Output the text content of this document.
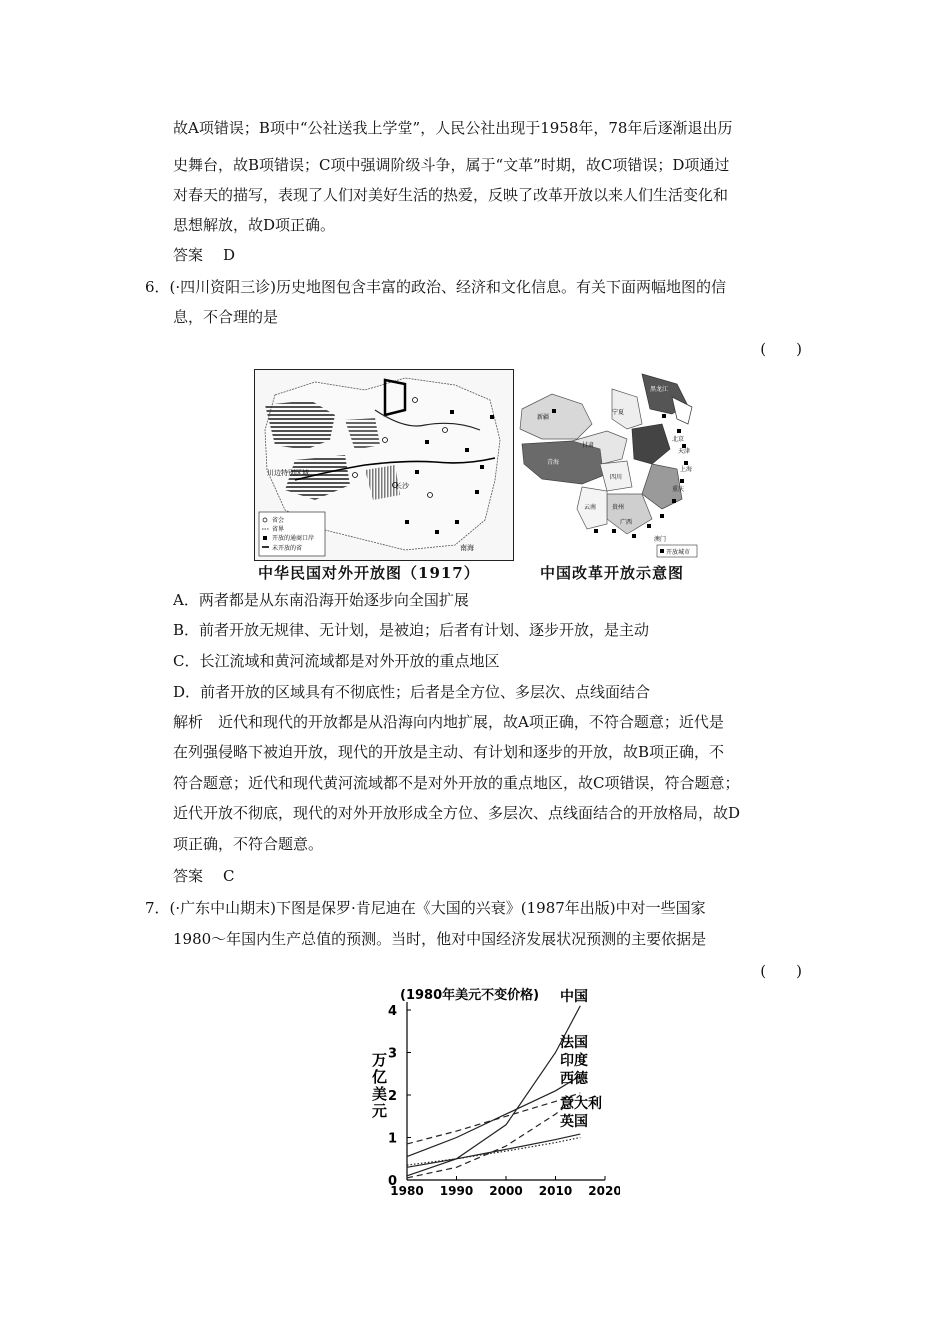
故A项错误；B项中“公社送我上学堂”，人民公社出现于1958年，78年后逐渐退出历
史舞台，故B项错误；C项中强调阶级斗争，属于“文革”时期，故C项错误；D项通过
对春天的描写，表现了人们对美好生活的热爱，反映了改革开放以来人们生活变化和
思想解放，故D项正确。
答案 D
6．(·四川资阳三诊)历史地图包含丰富的政治、经济和文化信息。有关下面两幅地图的信
息，不合理的是
(　　)
川边特别区域
长沙
南海
省会
省界
开放的通商口岸
未开放的省
中华民国对外开放图（1917）
新疆
宁夏
甘肃
青海
四川
贵州
云南
广西
黑龙江
北京
天津
上海
重庆
澳门
开放城市
中国改革开放示意图
A．两者都是从东南沿海开始逐步向全国扩展
B．前者开放无规律、无计划，是被迫；后者有计划、逐步开放，是主动
C．长江流域和黄河流域都是对外开放的重点地区
D．前者开放的区域具有不彻底性；后者是全方位、多层次、点线面结合
解析　近代和现代的开放都是从沿海向内地扩展，故A项正确，不符合题意；近代是
在列强侵略下被迫开放，现代的开放是主动、有计划和逐步的开放，故B项正确，不
符合题意；近代和现代黄河流域都不是对外开放的重点地区，故C项错误，符合题意；
近代开放不彻底，现代的对外开放形成全方位、多层次、点线面结合的开放格局，故D
项正确，不符合题意。
答案 C
7．(·广东中山期末)下图是保罗·肯尼迪在《大国的兴衰》(1987年出版)中对一些国家
1980～年国内生产总值的预测。当时，他对中国经济发展状况预测的主要依据是
(　　)
(1980年美元不变价格)
万
亿
美
元
0
1
2
3
4
1980 1990 2000 2010 2020
中国
法国
印度
西德
意大利
英国
